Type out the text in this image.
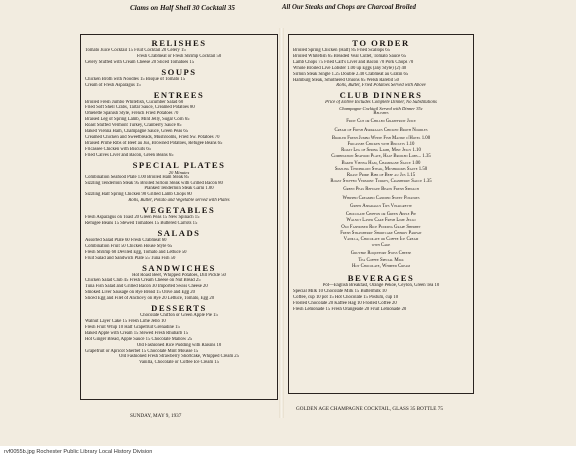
Clams on Half Shell 30 Cocktail 35	All Our Steaks and Chops are Charcoal Broiled
RELISHES
Tomato Juice Cocktail 15 Fruit Cocktail 20 Celery 15
Fresh Crabmeat or Fresh Shrimp Cocktail 50
Celery Stuffed with Cream Cheese 20 Sliced Tomatoes 15
SOUPS
Chicken Broth with Noodles 15 Bisque of Tomato 15
Cream of Fresh Asparagus 15
ENTREES
Broiled Fresh Jumbo Whitefish, Cucumber Salad 60
Fried Soft Shell Crabs, Tartar Sauce, Creamed Potatoes 80
Omelette Spanish Style, French Fried Potatoes 70
Braised Leg of Spring Lamb, Mint Jelly, Sugar Corn 65
Roast Stuffed Vermont Turkey, Cranberry Sauce 85
Baked Vienna Ham, Champagne Sauce, Green Peas 65
Creamed Chicken and Sweetbreads, Mushrooms, Fried Sw. Potatoes 70
Braised Prime Ribs of Beef au Jus, Browned Potatoes, Refugee Beans 65
Fricassee Chicken with Biscuits 65
Fried Calves Liver and Bacon, Green Beans 65
SPECIAL PLATES
20 Minutes
Combination Seafood Plate 1.00 Broiled Ham Steak 85
Sizzling Tenderloin Steak 95 Broiled Sirloin Steak with Grilled Bacon 80
Planked Tenderloin Steak Garni 1.00
Sizzling Half Spring Chicken 90 Grilled Lamb Chops 80
Rolls, Butter, Potato and Vegetable served with Plates
VEGETABLES
Fresh Asparagus on Toast 20 Green Peas 15 New Spinach 15
Refugee Beans 15 Stewed Tomatoes 15 Buttered Carrots 15
SALADS
Assorted Salad Plate 60 Fresh Crabmeat 60
Combination Fruit 50 Chicken House Style 65
Fresh Shrimp 60 Deviled Egg, Tomato and Lettuce 50
Fruit Salad and Sandwich Plate 55 Tuna Fish 50
SANDWICHES
Hot Roast Beef, Whipped Potatoes, Dill Pickle 50
Chicken Salad Club 45 Fresh Cream Cheese on Nut Bread 25
Tuna Fish Salad and Grilled Bacon 30 Imported Swiss Cheese 20
Smoked Liver Sausage on Rye Bread 15 Olive and Egg 20
Sliced Egg and Filet of Anchovy on Rye 20 Lettuce, Tomato, Egg 20
DESSERTS
Chocolate Chiffon or Green Apple Pie 15
Walnut Layer Cake 15 Fresh Lime Jello 10
Fresh Fruit Whip 10 Half Grapefruit Grenadine 15
Baked Apple with Cream 15 Stewed Fresh Rhubarb 15
Hot Ginger Bread, Apple Sauce 15 Chocolate Mallow 25
Old Fashioned Rice Pudding with Raisins 10
Grapefruit or Apricot Sherbet 15 Chocolate Mint Mousse 15
Old Fashioned Fresh Strawberry Shortcake, Whipped Cream 25
Vanilla, Chocolate or Coffee Ice Cream 15
TO ORDER
Broiled Spring Chicken (Half) 85 Fried Scallops 65
Broiled Whitefish 65 Breaded Veal Cutlet, Tomato Sauce 65
Lamb Chops 75 Fried Calf's Liver and Bacon 70 Pork Chops 70
Whole Broiled Live Lobster 1.00 up Eggs (any Style) (2) 40
Sirloin Steak Single 1.25 Double 2.40 Crabmeat au Gratin 65
Hamburg Steak, Smothered Onions 65 Welsh Rarebit 50
Rolls, Butter, Fried Potatoes Served with Above
CLUB DINNERS
Price of Entree Includes Complete Dinner, No Substitutions
Champagne Cocktail Served with Dinner 35c
Relishes
Fruit Cup or Chilled Grapefruit Juice
Cream of Fresh Asparagus Chicken Broth Noodles
Broiled Fresh Jumbo White Fish Maitre d'Hotel 1.00
Fricassee Chicken with Biscuits 1.10
Roast Leg of Spring Lamb, Mint Jelly 1.10
Combination Seafood Plate, Half Broiled Lobs... 1.35
Baked Vienna Ham, Champagne Sauce 1.00
Sizzling Tenderloin Steak, Mushrooms Saute 1.50
Roast Prime Ribs of Beef au Jus 1.15
Roast Stuffed Vermont Turkey, Cranberry Sauce 1.35
Green Peas Refugee Beans Fresh Spinach
Whipped Creamed Candied Sweet Potatoes
Green Asparagus Tips Vinaigrette
Chocolate Chiffon or Green Apple Pie
Walnut Layer Cake Fresh Lime Jello
Old Fashioned Rice Pudding Grape Sherbet
Fresh Strawberry Shortcake Cherry Parfait
Vanilla, Chocolate or Coffee Ice Cream
with Cake
Gruyere Roquefort Swiss Cheese
Tea Coffee Special Milk
Hot Chocolate, Whipped Cream
BEVERAGES
Pot—English Breakfast, Orange Pekoe, Ceylon, Green Tea 10
Special Milk 10 Chocolate Milk 15 Buttermilk 10
Coffee, cup 10 pot 15 Hot Chocolate 15 Postum, cup 10
Frosted Chocolate 20 Kaffee Hag 10 Frosted Coffee 20
Fresh Lemonade 15 Fresh Orangeade 20 Fruit Lemonade 20
SUNDAY, MAY 9, 1937
GOLDEN AGE CHAMPAGNE COCKTAIL, GLASS 35 BOTTLE 75
rvf0055b.jpg Rochester Public Library Local History Division
